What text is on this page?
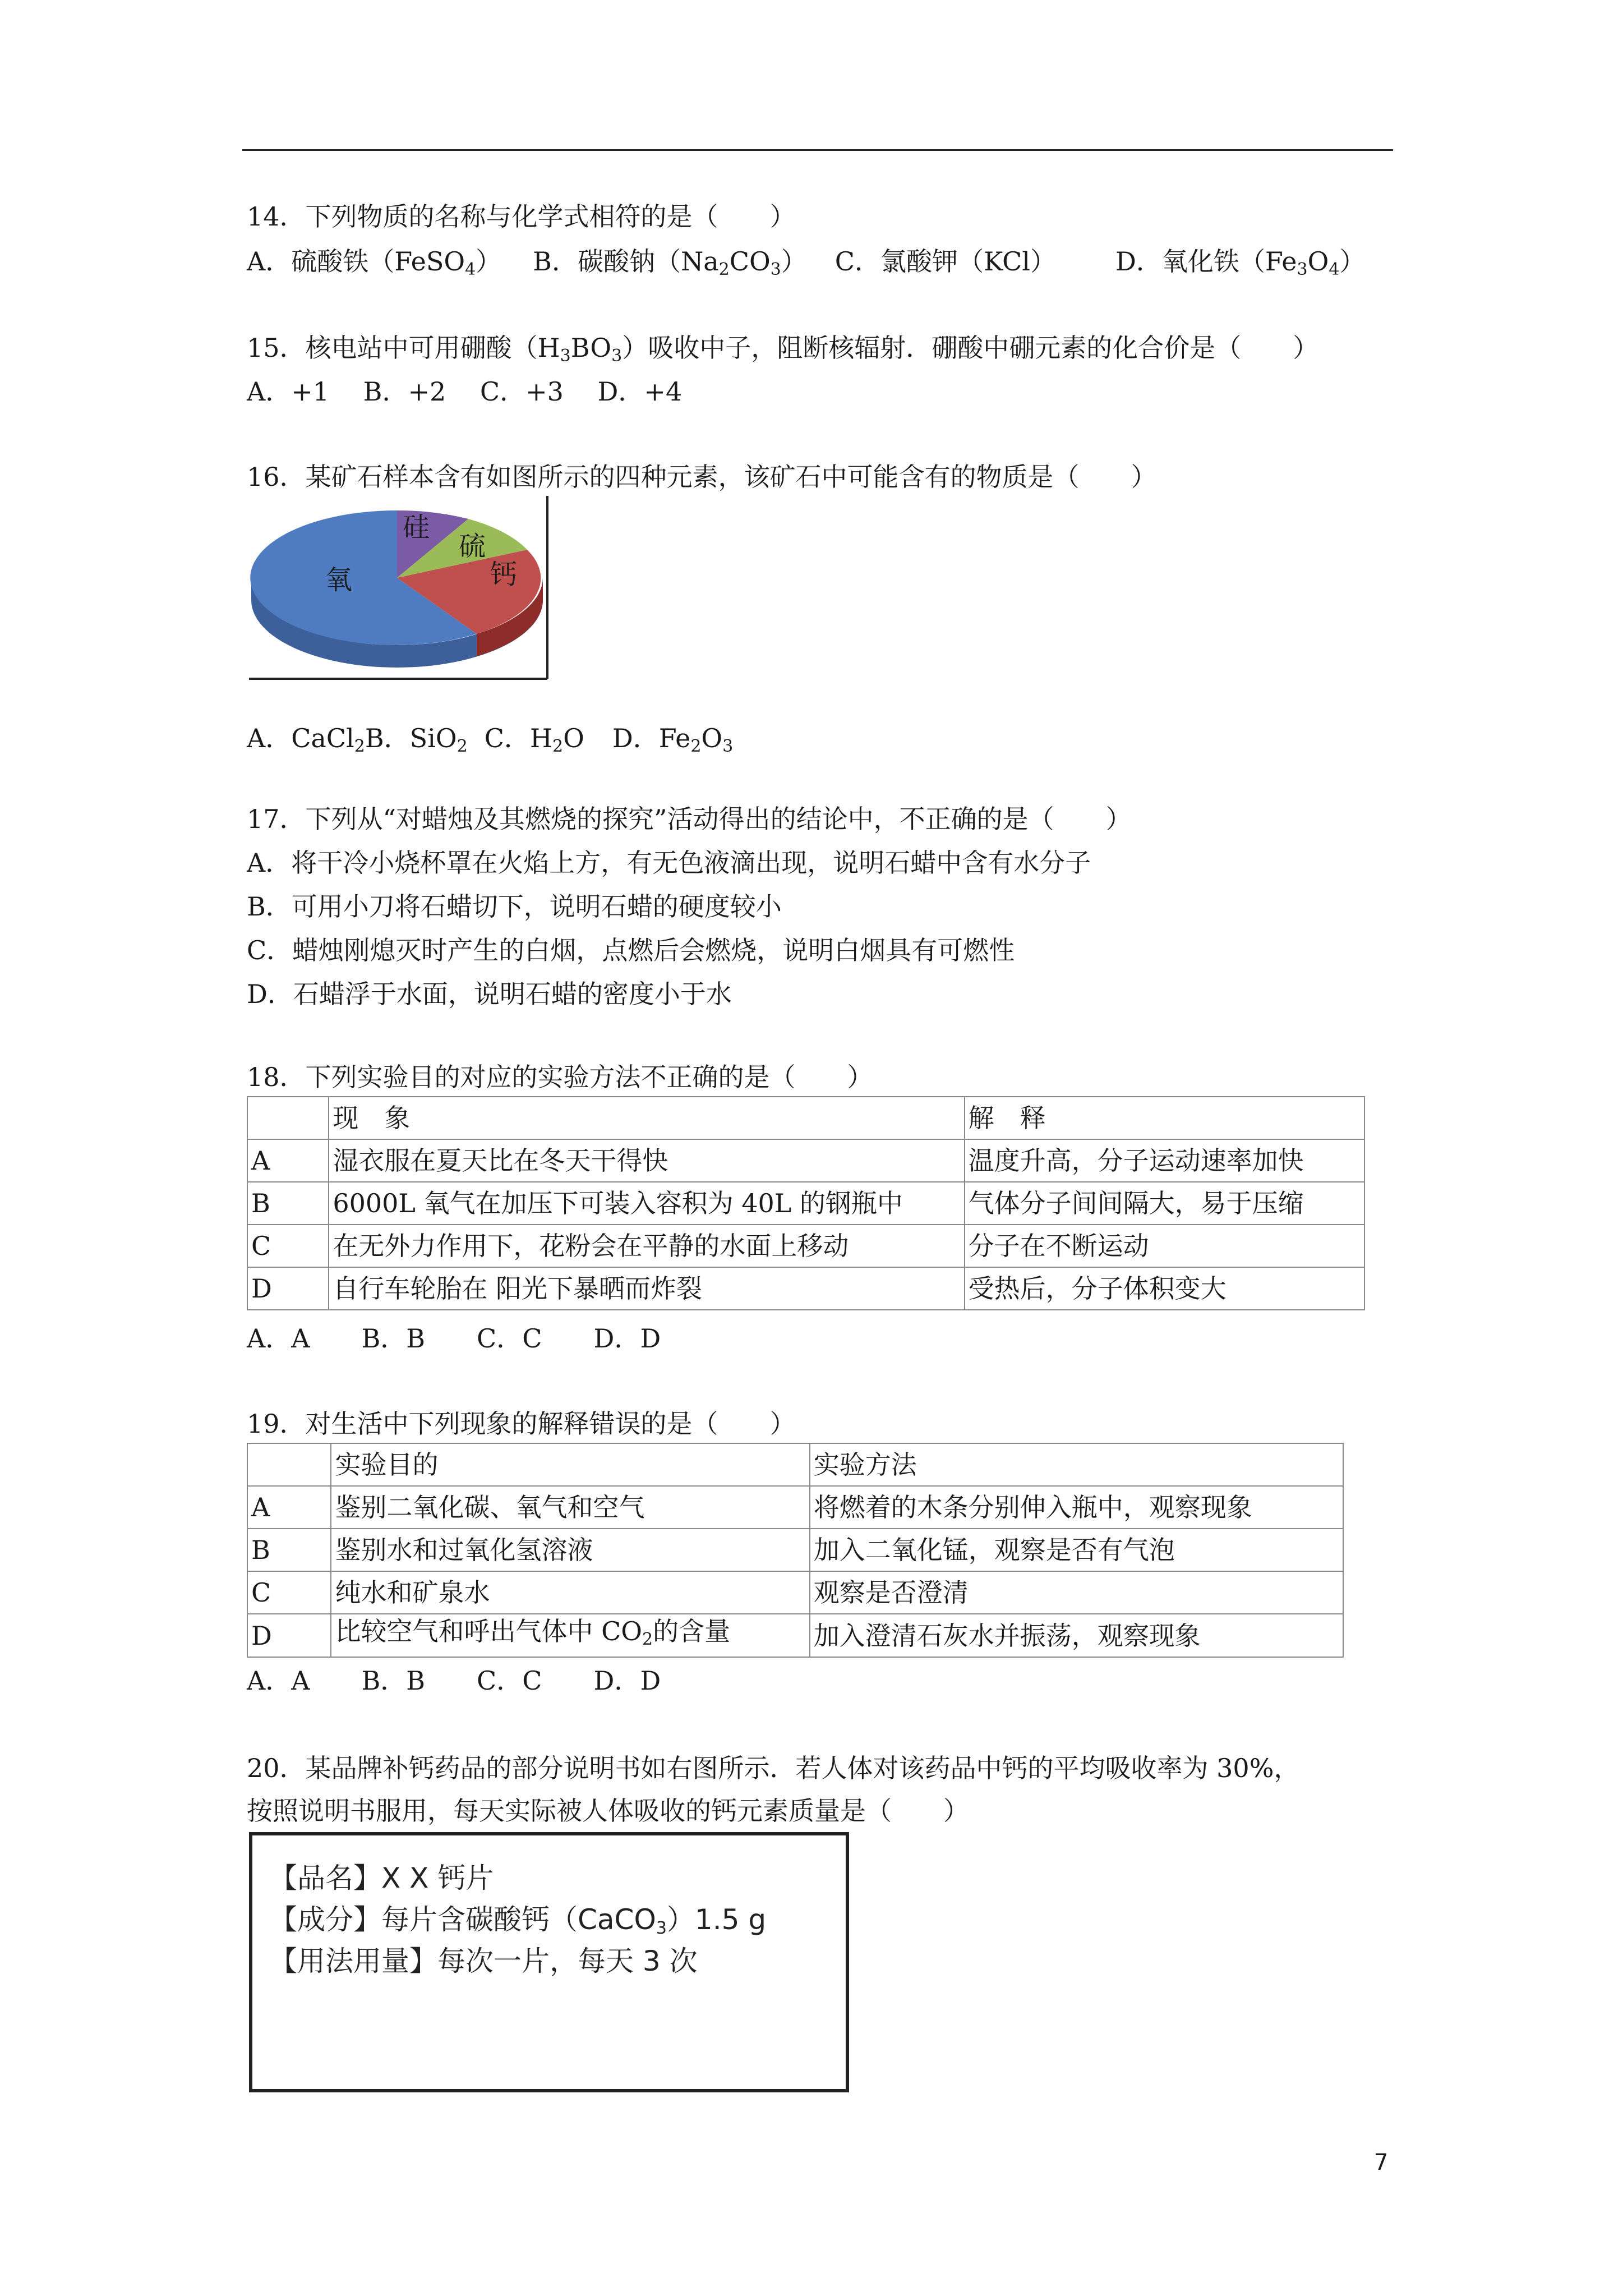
14．下列物质的名称与化学式相符的是（　　）
A．硫酸铁（FeSO$_4$） B．碳酸钠$(Na_2CO_3)$ C．氯酸钾（KCl） D．氧化铁$(Fe_3O_4)$
15．核电站中可用硼酸$(H_3BO_3)$吸收中子，阻断核辐射．硼酸中硼元素的化合价是（　　）
A．+1　 B．+2　 C．+3　 D．+4
16．某矿石样本含有如图所示的四种元素，该矿石中可能含有的物质是（　　）
氧
硅
硫
钙
A．CaCl$_2$B．SiO$_2$ C．$H_2O$ D．$Fe_2O_3$
17．下列从“对蜡烛及其燃烧的探究”活动得出的结论中，不正确的是（　　）
A．将干冷小烧杯罩在火焰上方，有无色液滴出现，说明石蜡中含有水分子
B．可用小刀将石蜡切下，说明石蜡的硬度较小
C．蜡烛刚熄灭时产生的白烟，点燃后会燃烧，说明白烟具有可燃性
D．石蜡浮于水面，说明石蜡的密度小于水
18．下列实验目的对应的实验方法不正确的是（　　）
	现　象	解　释
A	湿衣服在夏天比在冬天干得快	温度升高，分子运动速率加快
B	6000L 氧气在加压下可装入容积为 40L 的钢瓶中	气体分子间间隔大，易于压缩
C	在无外力作用下，花粉会在平静的水面上移动	分子在不断运动
D	自行车轮胎在 阳光下暴晒而炸裂	受热后，分子体积变大
A．A　　B．B　　C．C　　D．D
19．对生活中下列现象的解释错误的是（　　）
	实验目的	实验方法
A	鉴别二氧化碳、氧气和空气	将燃着的木条分别伸入瓶中，观察现象
B	鉴别水和过氧化氢溶液	加入二氧化锰，观察是否有气泡
C	纯水和矿泉水	观察是否澄清
D	比较空气和呼出气体中 $CO_2$的含量	加入澄清石灰水并振荡，观察现象
A．A　　B．B　　C．C　　D．D
20．某品牌补钙药品的部分说明书如右图所示．若人体对该药品中钙的平均吸收率为 30%，
按照说明书服用，每天实际被人体吸收的钙元素质量是（　　）
【品名】X X 钙片
【成分】每片含碳酸钙（CaCO$_3$）1.5 g
【用法用量】每次一片，每天 3 次
7
